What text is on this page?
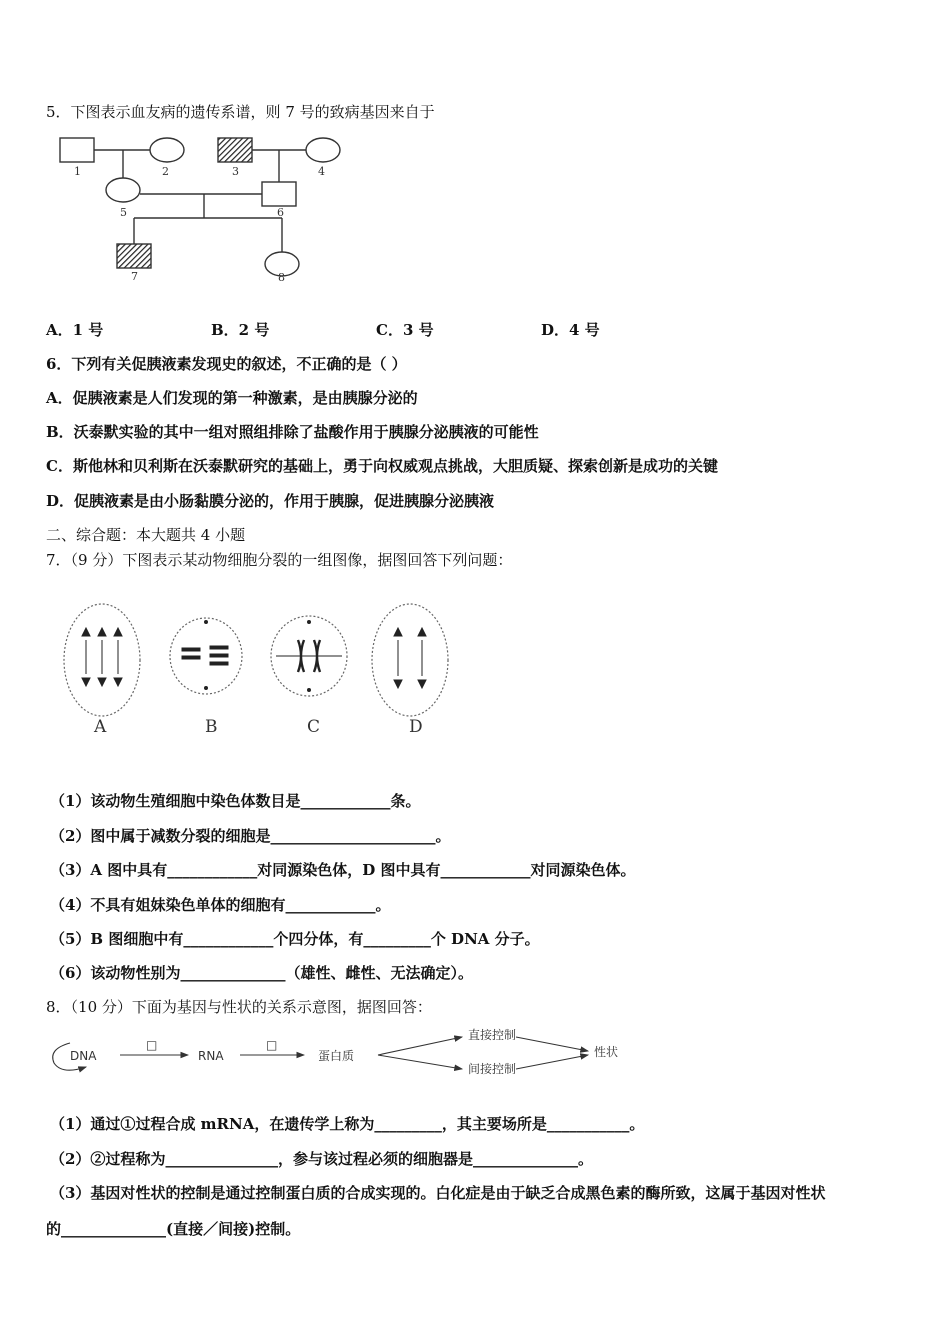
5．下图表示血友病的遗传系谱，则 7 号的致病基因来自于
1	2	3	4
5	6
7	8
A．1 号	B．2 号	C．3 号	D．4 号
6．下列有关促胰液素发现史的叙述，不正确的是（ ）
A．促胰液素是人们发现的第一种激素，是由胰腺分泌的
B．沃泰默实验的其中一组对照组排除了盐酸作用于胰腺分泌胰液的可能性
C．斯他林和贝利斯在沃泰默研究的基础上，勇于向权威观点挑战，大胆质疑、探索创新是成功的关键
D．促胰液素是由小肠黏膜分泌的，作用于胰腺，促进胰腺分泌胰液
二、综合题：本大题共 4 小题
7．（9 分）下图表示某动物细胞分裂的一组图像，据图回答下列问题：
A	B	C	D
（1）该动物生殖细胞中染色体数目是____________条。
（2）图中属于减数分裂的细胞是______________________。
（3）A 图中具有____________对同源染色体，D 图中具有____________对同源染色体。
（4）不具有姐妹染色单体的细胞有____________。
（5）B 图细胞中有____________个四分体，有_________个 DNA 分子。
（6）该动物性别为______________（雄性、雌性、无法确定）。
8．（10 分）下面为基因与性状的关系示意图，据图回答：
DNA
□
RNA
□
蛋白质
直接控制
间接控制
性状
（1）通过①过程合成 mRNA，在遗传学上称为_________，其主要场所是___________。
（2）②过程称为_______________，参与该过程必须的细胞器是______________。
（3）基因对性状的控制是通过控制蛋白质的合成实现的。白化症是由于缺乏合成黑色素的酶所致，这属于基因对性状
的______________(直接／间接)控制。
